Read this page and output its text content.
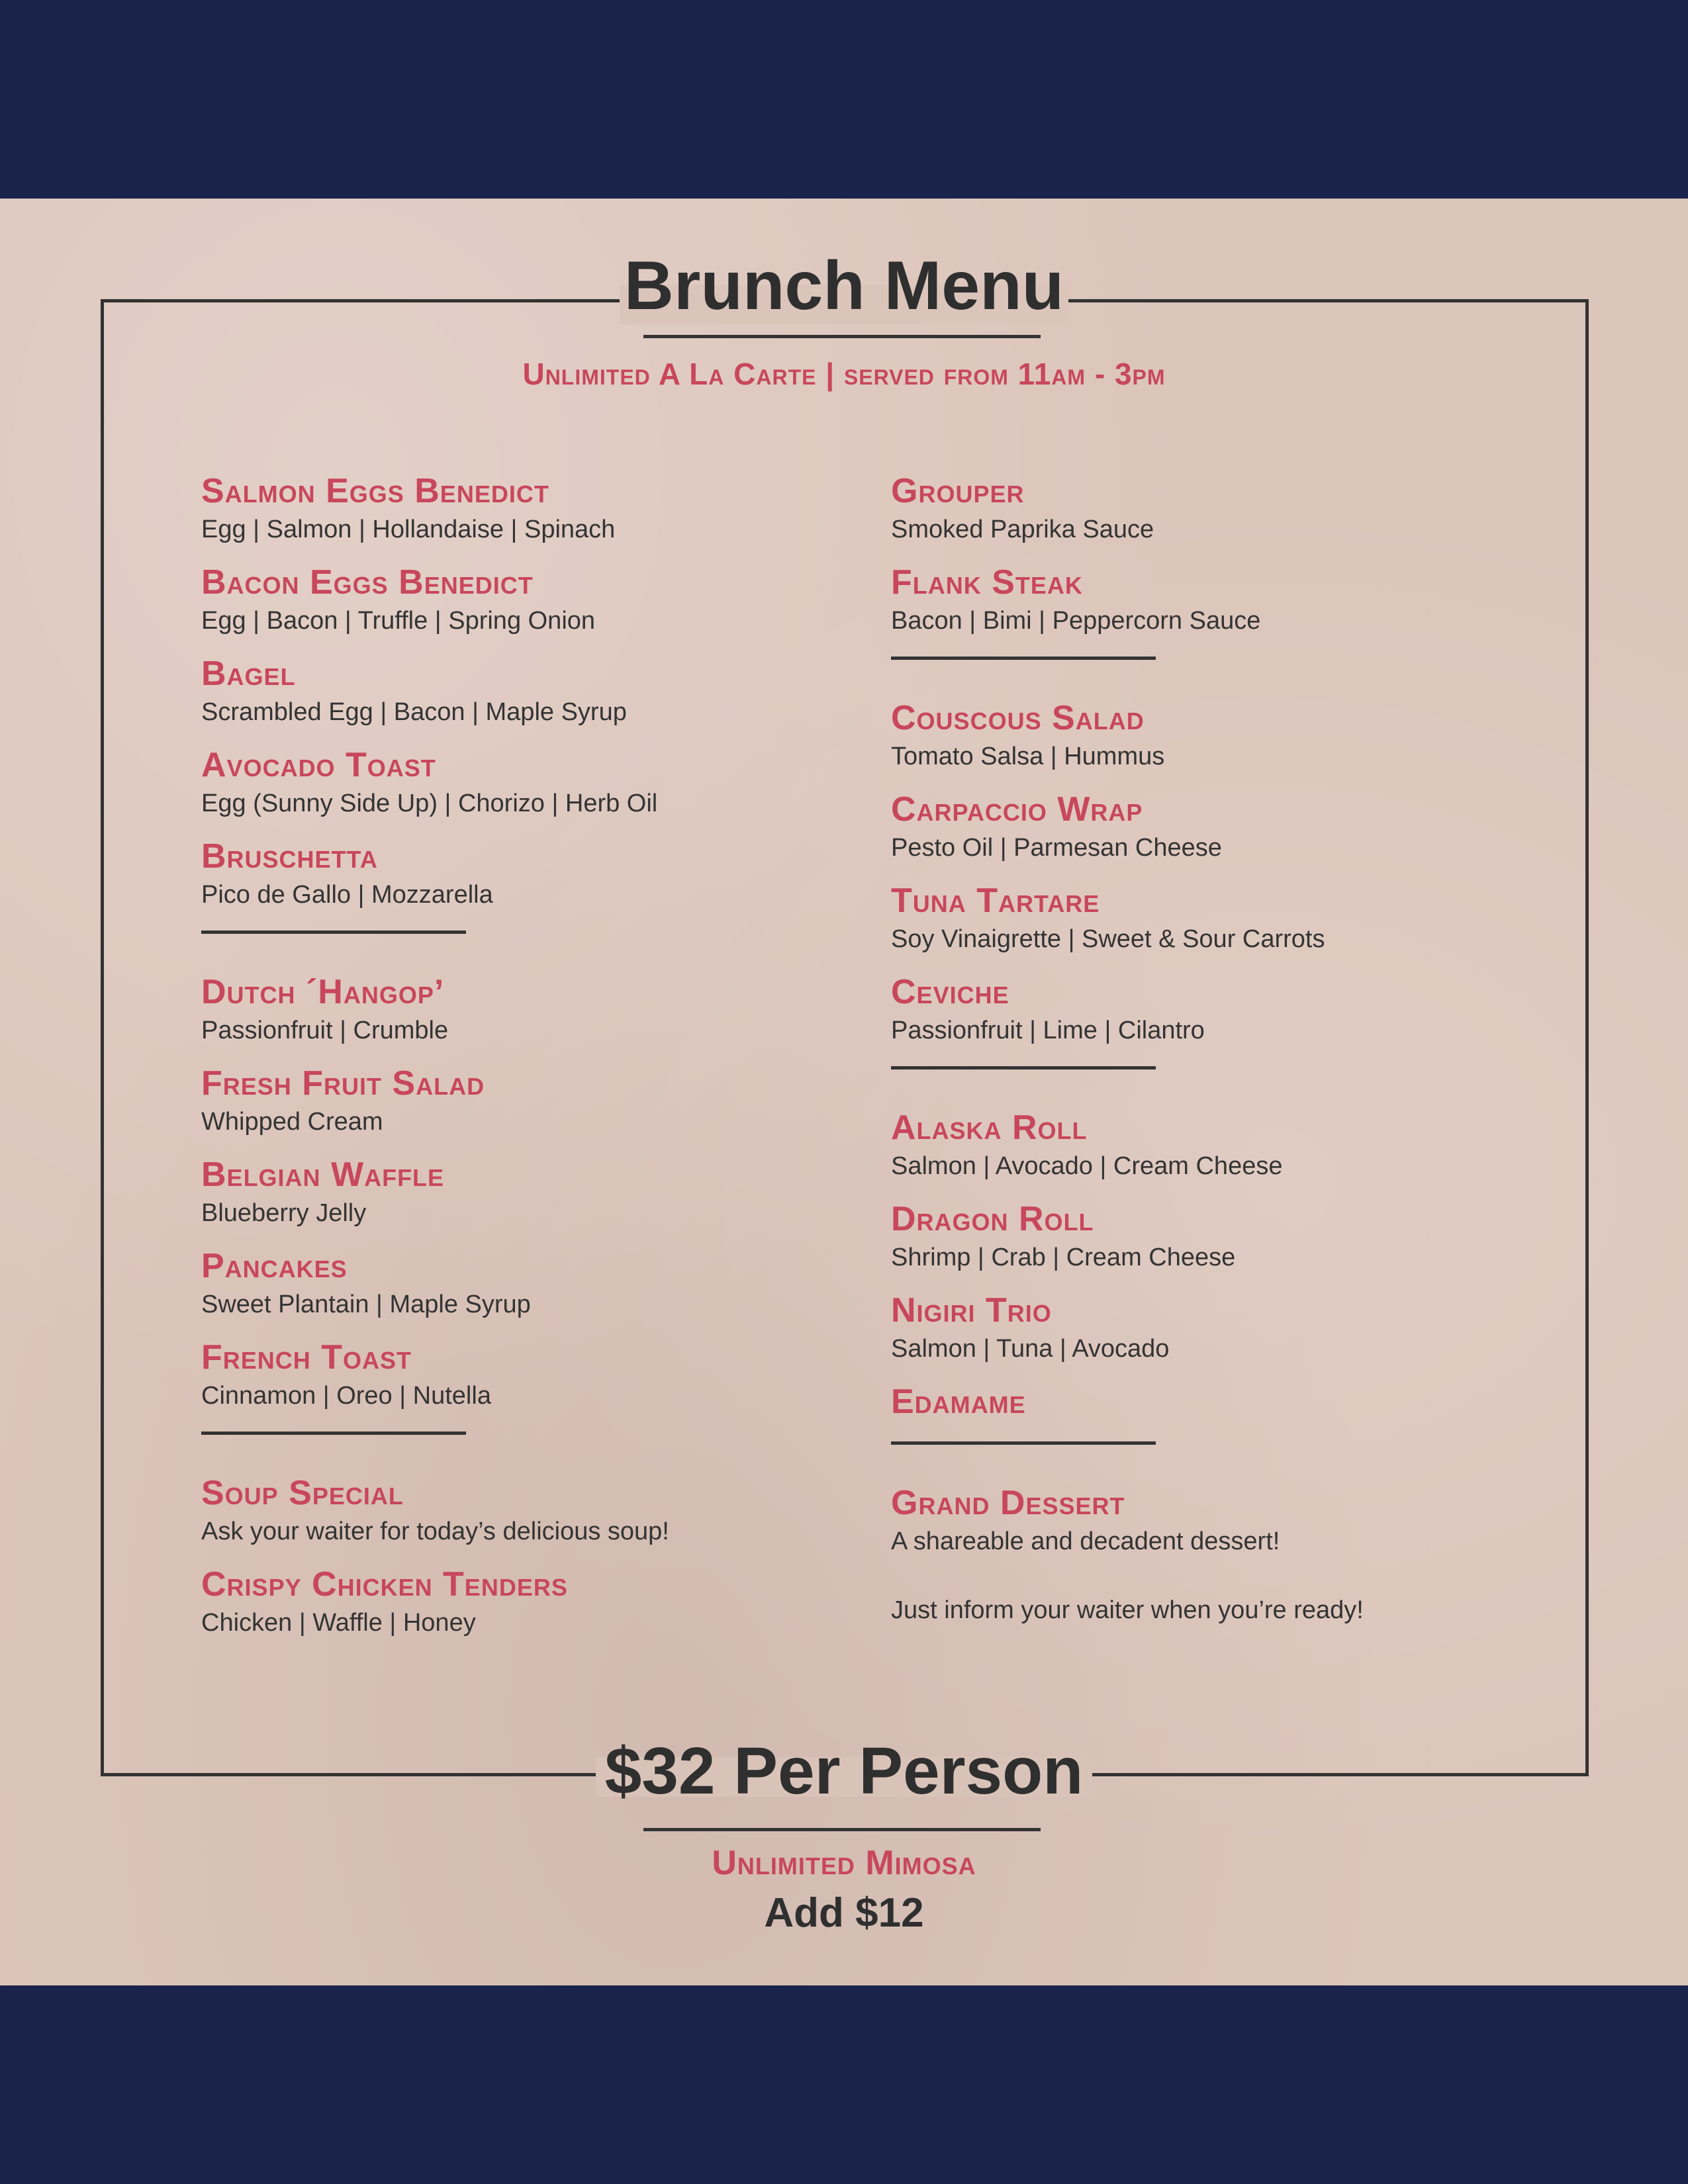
Brunch Menu
Unlimited A La Carte | served from 11am - 3pm
Salmon Eggs Benedict
Egg | Salmon | Hollandaise | Spinach
Bacon Eggs Benedict
Egg | Bacon | Truffle | Spring Onion
Bagel
Scrambled Egg | Bacon | Maple Syrup
Avocado Toast
Egg (Sunny Side Up) | Chorizo | Herb Oil
Bruschetta
Pico de Gallo | Mozzarella
Dutch ´Hangop’
Passionfruit | Crumble
Fresh Fruit Salad
Whipped Cream
Belgian Waffle
Blueberry Jelly
Pancakes
Sweet Plantain | Maple Syrup
French Toast
Cinnamon | Oreo | Nutella
Soup Special
Ask your waiter for today’s delicious soup!
Crispy Chicken Tenders
Chicken | Waffle | Honey
Grouper
Smoked Paprika Sauce
Flank Steak
Bacon | Bimi | Peppercorn Sauce
Couscous Salad
Tomato Salsa | Hummus
Carpaccio Wrap
Pesto Oil | Parmesan Cheese
Tuna Tartare
Soy Vinaigrette | Sweet & Sour Carrots
Ceviche
Passionfruit | Lime | Cilantro
Alaska Roll
Salmon | Avocado | Cream Cheese
Dragon Roll
Shrimp | Crab | Cream Cheese
Nigiri Trio
Salmon | Tuna | Avocado
Edamame
Grand Dessert
A shareable and decadent dessert!
Just inform your waiter when you’re ready!
$32 Per Person
Unlimited Mimosa
Add $12
